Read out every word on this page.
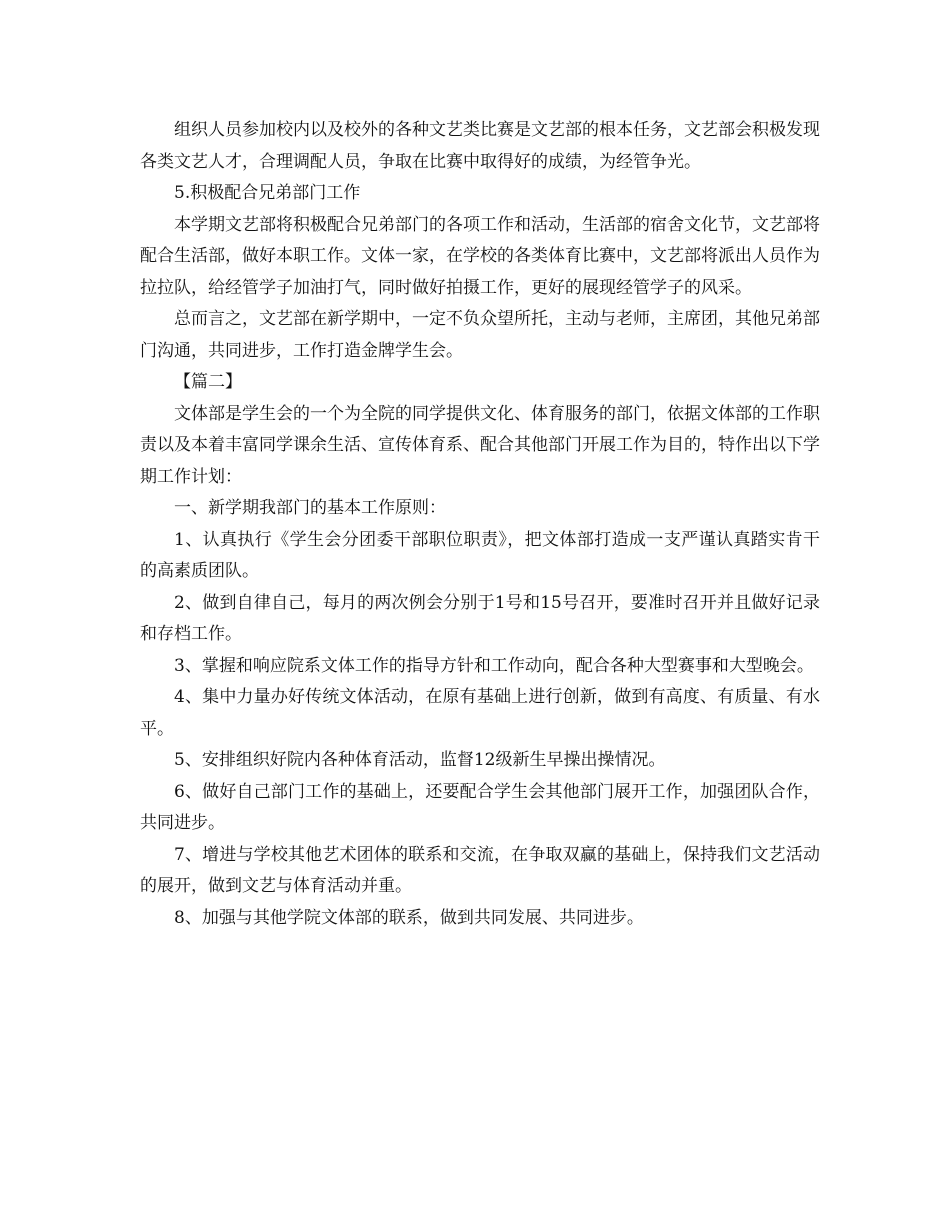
组织人员参加校内以及校外的各种文艺类比赛是文艺部的根本任务，文艺部会积极发现各类文艺人才，合理调配人员，争取在比赛中取得好的成绩，为经管争光。

5.积极配合兄弟部门工作

本学期文艺部将积极配合兄弟部门的各项工作和活动，生活部的宿舍文化节，文艺部将配合生活部，做好本职工作。文体一家，在学校的各类体育比赛中，文艺部将派出人员作为拉拉队，给经管学子加油打气，同时做好拍摄工作，更好的展现经管学子的风采。

总而言之，文艺部在新学期中，一定不负众望所托，主动与老师，主席团，其他兄弟部门沟通，共同进步，工作打造金牌学生会。

【篇二】

文体部是学生会的一个为全院的同学提供文化、体育服务的部门，依据文体部的工作职责以及本着丰富同学课余生活、宣传体育系、配合其他部门开展工作为目的，特作出以下学期工作计划：

一、新学期我部门的基本工作原则：

1、认真执行《学生会分团委干部职位职责》，把文体部打造成一支严谨认真踏实肯干的高素质团队。

2、做到自律自己，每月的两次例会分别于1号和15号召开，要准时召开并且做好记录和存档工作。

3、掌握和响应院系文体工作的指导方针和工作动向，配合各种大型赛事和大型晚会。

4、集中力量办好传统文体活动，在原有基础上进行创新，做到有高度、有质量、有水平。

5、安排组织好院内各种体育活动，监督12级新生早操出操情况。

6、做好自己部门工作的基础上，还要配合学生会其他部门展开工作，加强团队合作，共同进步。

7、增进与学校其他艺术团体的联系和交流，在争取双赢的基础上，保持我们文艺活动的展开，做到文艺与体育活动并重。

8、加强与其他学院文体部的联系，做到共同发展、共同进步。
